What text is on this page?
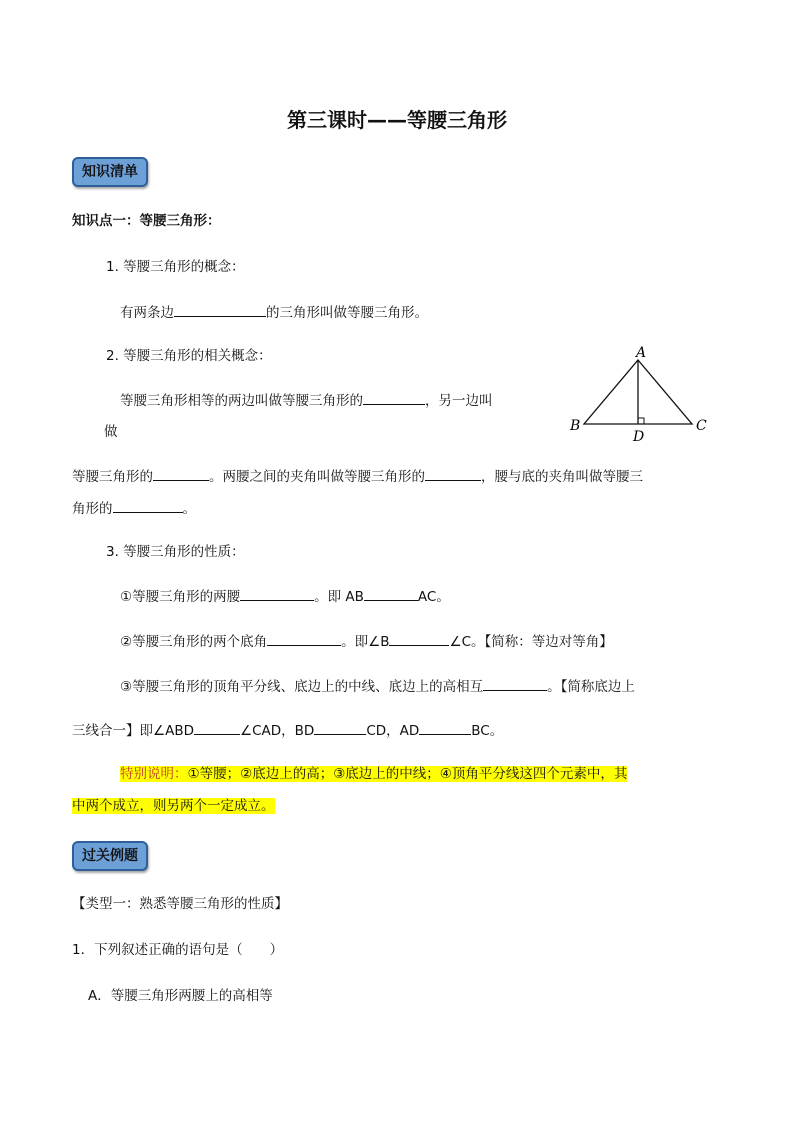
第三课时——等腰三角形
知识清单
知识点一：等腰三角形：
1. 等腰三角形的概念：
有两条边	的三角形叫做等腰三角形。
2. 等腰三角形的相关概念：
等腰三角形相等的两边叫做等腰三角形的	，另一边叫
做
等腰三角形的	。两腰之间的夹角叫做等腰三角形的	，腰与底的夹角叫做等腰三
角形的	。
A
B	C
D
3. 等腰三角形的性质：
①等腰三角形的两腰	。即 AB	AC。
②等腰三角形的两个底角	。即∠B	∠C。【简称：等边对等角】
③等腰三角形的顶角平分线、底边上的中线、底边上的高相互	。【简称底边上
三线合一】即∠ABD	∠CAD，BD	CD，AD	BC。
特别说明：①等腰；②底边上的高；③底边上的中线；④顶角平分线这四个元素中，其
中两个成立，则另两个一定成立。
过关例题
【类型一：熟悉等腰三角形的性质】
1．下列叙述正确的语句是（　　）
A．等腰三角形两腰上的高相等
